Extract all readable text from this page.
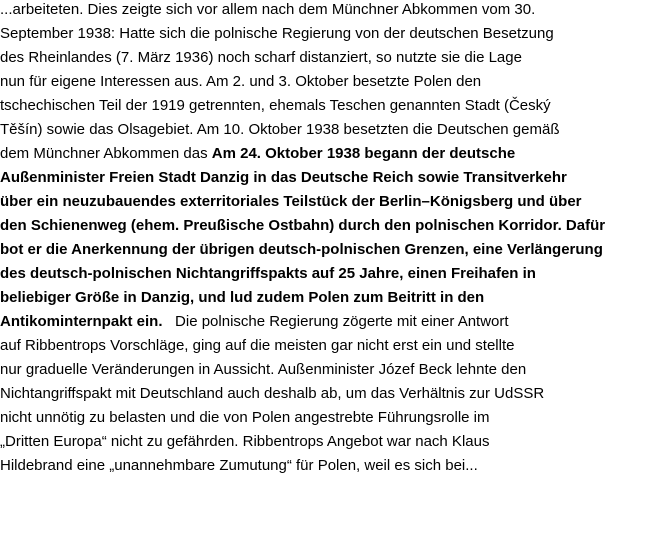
...arbeiteten. Dies zeigte sich vor allem nach dem Münchner Abkommen vom 30.
September 1938: Hatte sich die polnische Regierung von der deutschen Besetzung
des Rheinlandes (7. März 1936) noch scharf distanziert, so nutzte sie die Lage
nun für eigene Interessen aus. Am 2. und 3. Oktober besetzte Polen den
tschechischen Teil der 1919 getrennten, ehemals Teschen genannten Stadt (Český
Těšín) sowie das Olsagebiet. Am 10. Oktober 1938 besetzten die Deutschen gemäß
dem Münchner Abkommen das Am 24. Oktober 1938 begann der deutsche
Außenminister Freien Stadt Danzig in das Deutsche Reich sowie Transitverkehr
über ein neuzubauendes exterritoriales Teilstück der Berlin–Königsberg und über
den Schienenweg (ehem. Preußische Ostbahn) durch den polnischen Korridor. Dafür
bot er die Anerkennung der übrigen deutsch-polnischen Grenzen, eine Verlängerung
des deutsch-polnischen Nichtangriffspakts auf 25 Jahre, einen Freihafen in
beliebiger Größe in Danzig, und lud zudem Polen zum Beitritt in den
Antikominternpakt ein.   Die polnische Regierung zögerte mit einer Antwort
auf Ribbentrops Vorschläge, ging auf die meisten gar nicht erst ein und stellte
nur graduelle Veränderungen in Aussicht. Außenminister Józef Beck lehnte den
Nichtangriffspakt mit Deutschland auch deshalb ab, um das Verhältnis zur UdSSR
nicht unnötig zu belasten und die von Polen angestrebte Führungsrolle im
„Dritten Europa“ nicht zu gefährden. Ribbentrops Angebot war nach Klaus
Hildebrand eine „unannehmbare Zumutung“ für Polen, weil es sich bei...
